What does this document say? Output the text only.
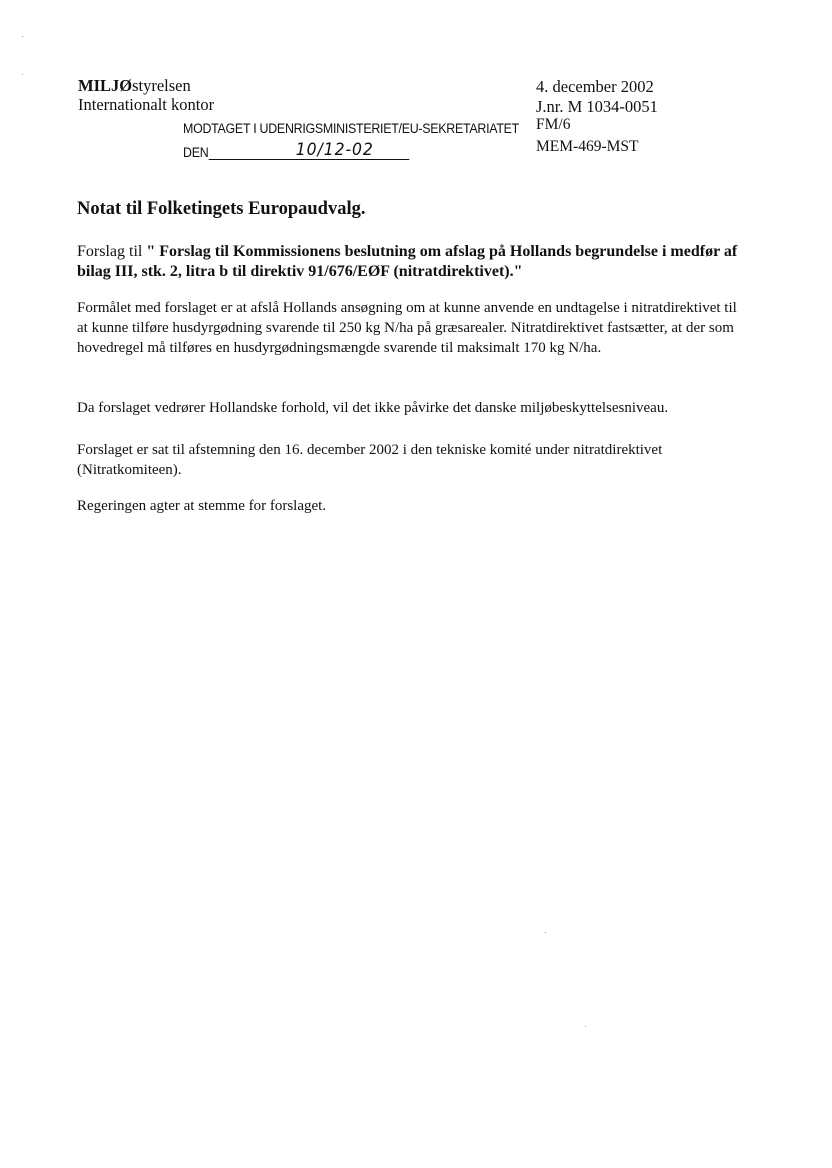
MILJØstyrelsen
Internationalt kontor
4. december 2002
J.nr. M 1034-0051
FM/6
MEM-469-MST
MODTAGET I UDENRIGSMINISTERIET/EU-SEKRETARIATET
DEN	10/12-02
Notat til Folketingets Europaudvalg.
Forslag til " Forslag til Kommissionens beslutning om afslag på Hollands begrundelse i medfør af bilag III, stk. 2, litra b til direktiv 91/676/EØF (nitratdirektivet)."
Formålet med forslaget er at afslå Hollands ansøgning om at kunne anvende en undtagelse i nitratdirektivet til at kunne tilføre husdyrgødning svarende til 250 kg N/ha på græsarealer. Nitratdirektivet fastsætter, at der som hovedregel må tilføres en husdyrgødningsmængde svarende til maksimalt 170 kg N/ha.
Da forslaget vedrører Hollandske forhold, vil det ikke påvirke det danske miljøbeskyttelsesniveau.
Forslaget er sat til afstemning den 16. december 2002 i den tekniske komité under nitratdirektivet (Nitratkomiteen).
Regeringen agter at stemme for forslaget.
